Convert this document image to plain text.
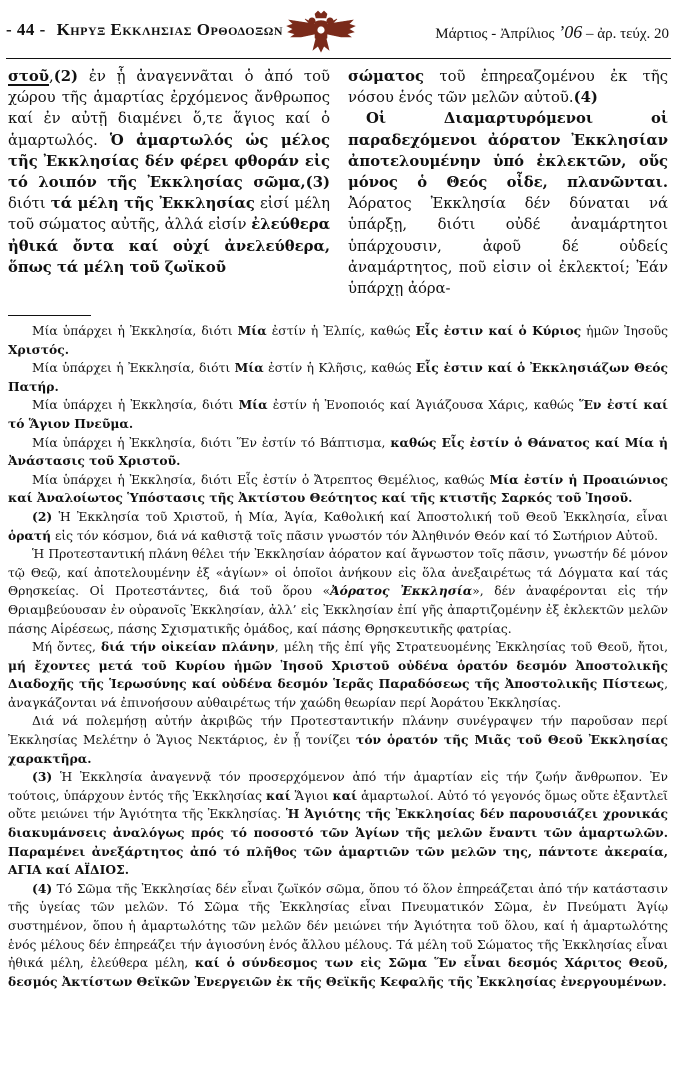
- 44 - Κηρυξ Εκκλησιασ Ορθοδοξων	Μάρτιος - Ἀπρίλιος ’06 – ἀρ. τεύχ. 20

στοῦ,(2) ἐν ᾗ ἀναγεννᾶται ὁ ἀπό τοῦ χώρου τῆς ἁμαρτίας ἐρχόμενος ἄνθρωπος καί ἐν αὐτῇ διαμένει ὅ,τε ἅγιος καί ὁ ἁμαρτωλός. Ὁ ἁμαρτωλός ὡς μέλος τῆς Ἐκκλησίας δέν φέρει φθοράν εἰς τό λοιπόν τῆς Ἐκκλησίας σῶμα,(3) διότι τά μέλη τῆς Ἐκκλησίας εἰσί μέλη τοῦ σώματος αὐτῆς, ἀλλά εἰσίν ἐλεύθερα ἠθικά ὄντα καί οὐχί ἀνελεύθερα, ὅπως τά μέλη τοῦ ζωϊκοῦ

σώματος τοῦ ἐπηρεαζομένου ἐκ τῆς νόσου ἑνός τῶν μελῶν αὐτοῦ.(4)

Οἱ Διαμαρτυρόμενοι οἱ παραδεχόμενοι ἀόρατον Ἐκκλησίαν ἀποτελουμένην ὑπό ἐκλεκτῶν, οὕς μόνος ὁ Θεός οἶδε, πλανῶνται. Ἀόρατος Ἐκκλησία δέν δύναται νά ὑπάρξῃ, διότι οὐδέ ἀναμάρτητοι ὑπάρχουσιν, ἀφοῦ δέ οὐδείς ἀναμάρτητος, ποῦ εἰσιν οἱ ἐκλεκτοί; Ἐάν ὑπάρχῃ ἀόρα-

Μία ὑπάρχει ἡ Ἐκκλησία, διότι Μία ἐστίν ἡ Ἐλπίς, καθώς Εἷς ἐστιν καί ὁ Κύριος ἡμῶν Ἰησοῦς Χριστός.

Μία ὑπάρχει ἡ Ἐκκλησία, διότι Μία ἐστίν ἡ Κλῆσις, καθώς Εἷς ἐστιν καί ὁ Ἐκκλησιάζων Θεός Πατήρ.

Μία ὑπάρχει ἡ Ἐκκλησία, διότι Μία ἐστίν ἡ Ἑνοποιός καί Ἁγιάζουσα Χάρις, καθώς Ἕν ἐστί καί τό Ἅγιον Πνεῦμα.

Μία ὑπάρχει ἡ Ἐκκλησία, διότι Ἕν ἐστίν τό Βάπτισμα, καθώς Εἷς ἐστίν ὁ Θάνατος καί Μία ἡ Ἀνάστασις τοῦ Χριστοῦ.

Μία ὑπάρχει ἡ Ἐκκλησία, διότι Εἷς ἐστίν ὁ Ἄτρεπτος Θεμέλιος, καθώς Μία ἐστίν ἡ Προαιώνιος καί Ἀναλοίωτος Ὑπόστασις τῆς Ἀκτίστου Θεότητος καί τῆς κτιστῆς Σαρκός τοῦ Ἰησοῦ.

(2) Ἡ Ἐκκλησία τοῦ Χριστοῦ, ἡ Μία, Ἁγία, Καθολική καί Ἀποστολική τοῦ Θεοῦ Ἐκκλησία, εἶναι ὁρατή εἰς τόν κόσμον, διά νά καθιστᾷ τοῖς πᾶσιν γνωστόν τόν Ἀληθινόν Θεόν καί τό Σωτήριον Αὐτοῦ.

Ἡ Προτεσταντική πλάνη θέλει τήν Ἐκκλησίαν ἀόρατον καί ἄγνωστον τοῖς πᾶσιν, γνωστήν δέ μόνον τῷ Θεῷ, καί ἀποτελουμένην ἐξ «ἁγίων» οἱ ὁποῖοι ἀνήκουν εἰς ὅλα ἀνεξαιρέτως τά Δόγματα καί τάς Θρησκείας. Οἱ Προτεστάντες, διά τοῦ ὅρου «Ἀόρατος Ἐκκλησία», δέν ἀναφέρονται εἰς τήν Θριαμβεύουσαν ἐν οὐρανοῖς Ἐκκλησίαν, ἀλλ’ εἰς Ἐκκλησίαν ἐπί γῆς ἀπαρτιζομένην ἐξ ἐκλεκτῶν μελῶν πάσης Αἱρέσεως, πάσης Σχισματικῆς ὁμάδος, καί πάσης Θρησκευτικῆς φατρίας.

Μή ὄντες, διά τήν οἰκείαν πλάνην, μέλη τῆς ἐπί γῆς Στρατευομένης Ἐκκλησίας τοῦ Θεοῦ, ἤτοι, μή ἔχοντες μετά τοῦ Κυρίου ἡμῶν Ἰησοῦ Χριστοῦ οὐδένα ὁρατόν δεσμόν Ἀποστολικῆς Διαδοχῆς τῆς Ἱερωσύνης καί οὐδένα δεσμόν Ἱερᾶς Παραδόσεως τῆς Ἀποστολικῆς Πίστεως, ἀναγκάζονται νά ἐπινοήσουν αὐθαιρέτως τήν χαώδη θεωρίαν περί Ἀοράτου Ἐκκλησίας.

Διά νά πολεμήσῃ αὐτήν ἀκριβῶς τήν Προτεσταντικήν πλάνην συνέγραψεν τήν παροῦσαν περί Ἐκκλησίας Μελέτην ὁ Ἅγιος Νεκτάριος, ἐν ᾗ τονίζει τόν ὁρατόν τῆς Μιᾶς τοῦ Θεοῦ Ἐκκλησίας χαρακτῆρα.

(3) Ἡ Ἐκκλησία ἀναγεννᾷ τόν προσερχόμενον ἀπό τήν ἁμαρτίαν εἰς τήν ζωήν ἄνθρωπον. Ἐν τούτοις, ὑπάρχουν ἐντός τῆς Ἐκκλησίας καί Ἅγιοι καί ἁμαρτωλοί. Αὐτό τό γεγονός ὅμως οὔτε ἐξαντλεῖ οὔτε μειώνει τήν Ἁγιότητα τῆς Ἐκκλησίας. Ἡ Ἁγιότης τῆς Ἐκκλησίας δέν παρουσιάζει χρονικάς διακυμάνσεις ἀναλόγως πρός τό ποσοστό τῶν Ἁγίων τῆς μελῶν ἔναντι τῶν ἁμαρτωλῶν. Παραμένει ἀνεξάρτητος ἀπό τό πλῆθος τῶν ἁμαρτιῶν τῶν μελῶν της, πάντοτε ἀκεραία, ΑΓΙΑ καί ΑΪΔΙΟΣ.

(4) Τό Σῶμα τῆς Ἐκκλησίας δέν εἶναι ζωϊκόν σῶμα, ὅπου τό ὅλον ἐπηρεάζεται ἀπό τήν κατάστασιν τῆς ὑγείας τῶν μελῶν. Τό Σῶμα τῆς Ἐκκλησίας εἶναι Πνευματικόν Σῶμα, ἐν Πνεύματι Ἁγίῳ συστημένον, ὅπου ἡ ἁμαρτωλότης τῶν μελῶν δέν μειώνει τήν Ἁγιότητα τοῦ ὅλου, καί ἡ ἁμαρτωλότης ἑνός μέλους δέν ἐπηρεάζει τήν ἁγιοσύνη ἑνός ἄλλου μέλους. Τά μέλη τοῦ Σώματος τῆς Ἐκκλησίας εἶναι ἠθικά μέλη, ἐλεύθερα μέλη, καί ὁ σύνδεσμος των εἰς Σῶμα Ἕν εἶναι δεσμός Χάριτος Θεοῦ, δεσμός Ἀκτίστων Θεϊκῶν Ἐνεργειῶν ἐκ τῆς Θεϊκῆς Κεφαλῆς τῆς Ἐκκλησίας ἐνεργουμένων.
